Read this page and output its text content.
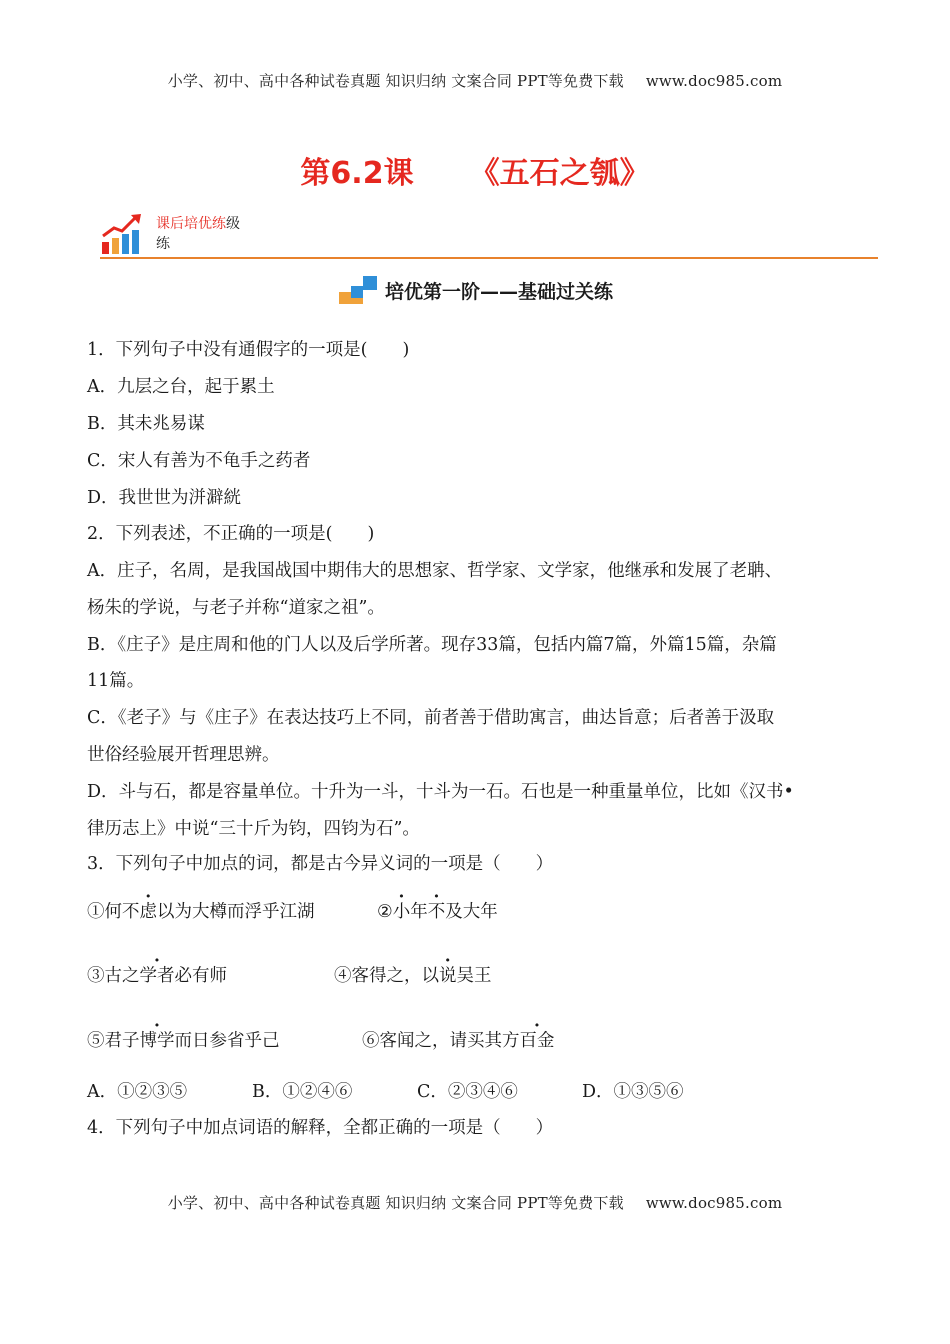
小学、初中、高中各种试卷真题 知识归纳 文案合同 PPT等免费下载 www.doc985.com
第6.2课 《五石之瓠》
课后培优练级
练
培优第一阶——基础过关练
1．下列句子中没有通假字的一项是(　　)
A．九层之台，起于累土
B．其未兆易谋
C．宋人有善为不龟手之药者
D．我世世为洴澼絖
2．下列表述，不正确的一项是(　　)
A．庄子，名周，是我国战国中期伟大的思想家、哲学家、文学家，他继承和发展了老聃、
杨朱的学说，与老子并称“道家之祖”。
B．《庄子》是庄周和他的门人以及后学所著。现存33篇，包括内篇7篇，外篇15篇，杂篇
11篇。
C．《老子》与《庄子》在表达技巧上不同，前者善于借助寓言，曲达旨意；后者善于汲取
世俗经验展开哲理思辨。
D．斗与石，都是容量单位。十升为一斗，十斗为一石。石也是一种重量单位，比如《汉书•
律历志上》中说“三十斤为钧，四钧为石”。
3．下列句子中加点的词，都是古今异义词的一项是（　　）
①何不虑以为大樽而浮乎江湖	②小年不及大年
③古之学者必有师	④客得之，以说吴王
⑤君子博学而日参省乎己	⑥客闻之，请买其方百金
A．①②③⑤	B．①②④⑥	C．②③④⑥	D．①③⑤⑥
4．下列句子中加点词语的解释，全都正确的一项是（　　）
小学、初中、高中各种试卷真题 知识归纳 文案合同 PPT等免费下载 www.doc985.com
